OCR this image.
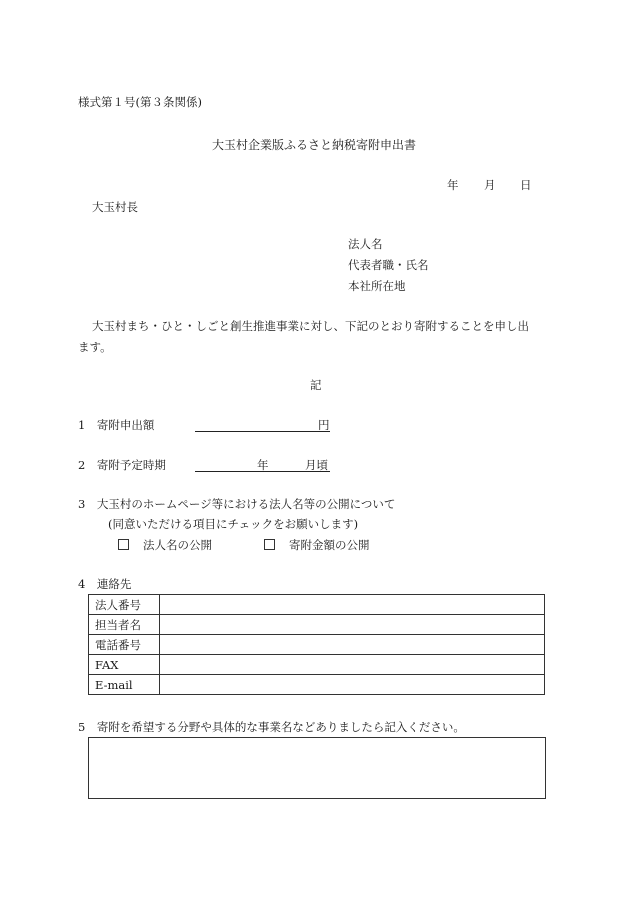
様式第１号(第３条関係)
大玉村企業版ふるさと納税寄附申出書
年 月 日
大玉村長
法人名
代表者職・氏名
本社所在地
大玉村まち・ひと・しごと創生推進事業に対し、下記のとおり寄附することを申し出
ます。
記
1　寄附申出額	円
2　寄附予定時期	年	月頃
3　大玉村のホームページ等における法人名等の公開について
(同意いただける項目にチェックをお願いします)
法人名の公開	寄附金額の公開
4　連絡先
法人番号	
担当者名	
電話番号	
FAX	
E-mail	
5　寄附を希望する分野や具体的な事業名などありましたら記入ください。
